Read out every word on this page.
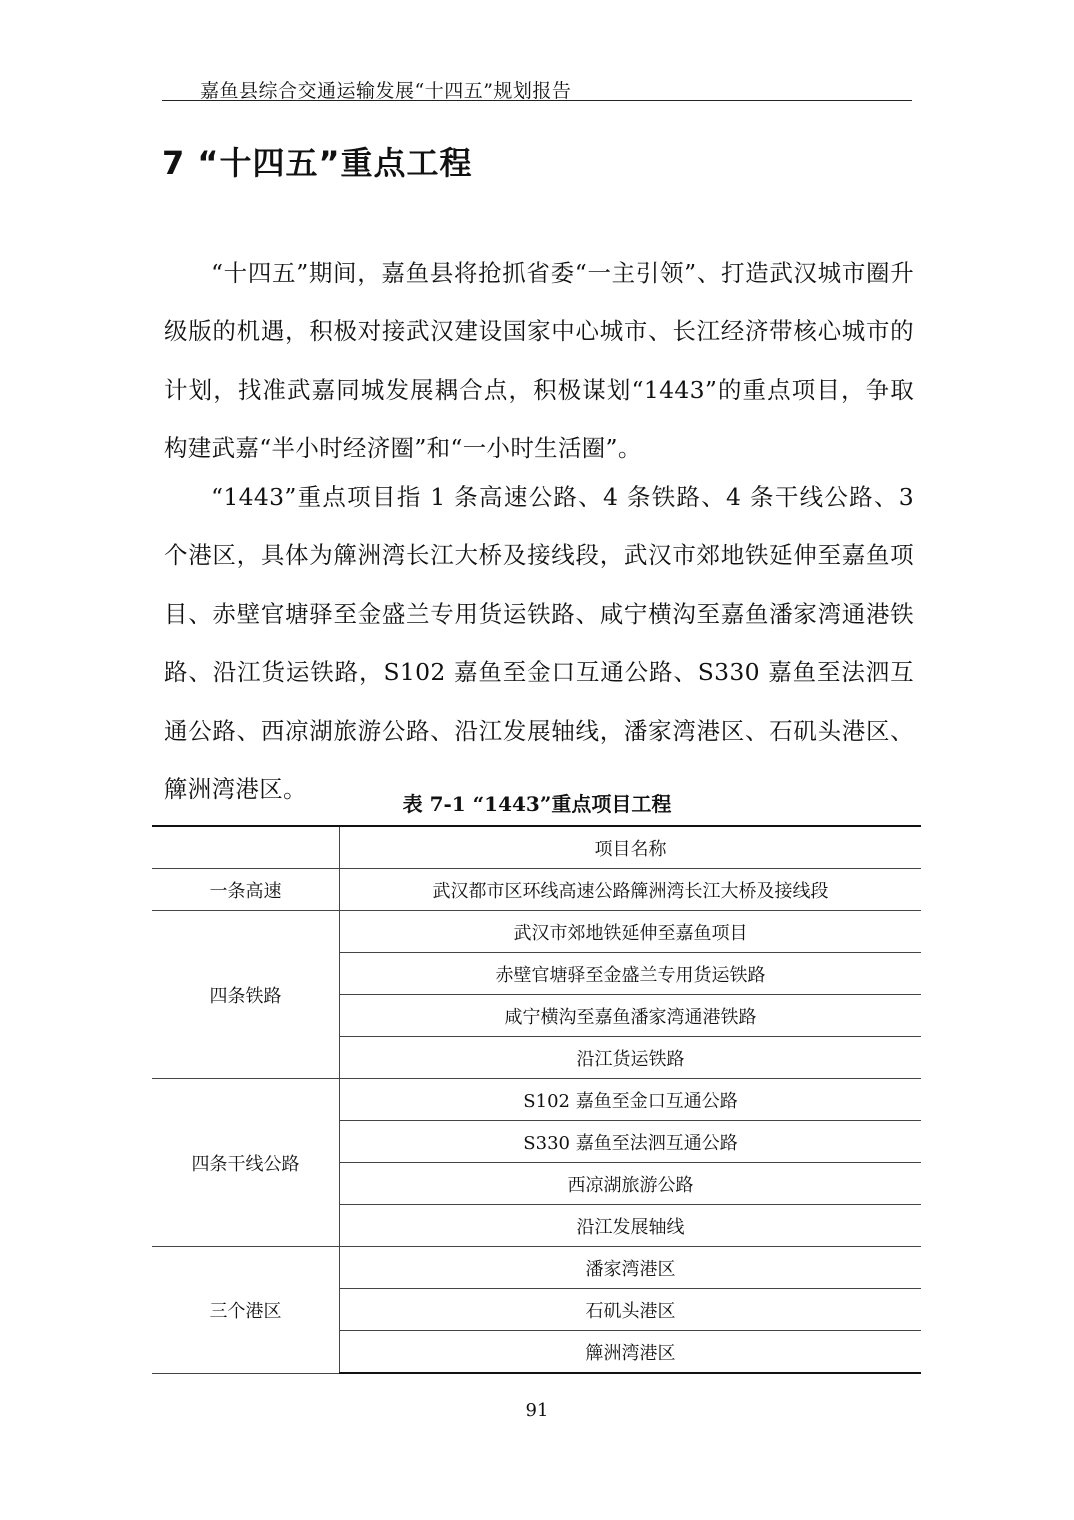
嘉鱼县综合交通运输发展“十四五”规划报告
7 “十四五”重点工程

“十四五”期间，嘉鱼县将抢抓省委“一主引领”、打造武汉城市圈升级版的机遇，积极对接武汉建设国家中心城市、长江经济带核心城市的计划，找准武嘉同城发展耦合点，积极谋划“1443”的重点项目，争取构建武嘉“半小时经济圈”和“一小时生活圈”。

“1443”重点项目指 1 条高速公路、4 条铁路、4 条干线公路、3 个港区，具体为簰洲湾长江大桥及接线段，武汉市郊地铁延伸至嘉鱼项目、赤壁官塘驿至金盛兰专用货运铁路、咸宁横沟至嘉鱼潘家湾通港铁路、沿江货运铁路，S102 嘉鱼至金口互通公路、S330 嘉鱼至法泗互通公路、西凉湖旅游公路、沿江发展轴线，潘家湾港区、石矶头港区、簰洲湾港区。

表 7-1 “1443”重点项目工程
	项目名称
一条高速	武汉都市区环线高速公路簰洲湾长江大桥及接线段
四条铁路	武汉市郊地铁延伸至嘉鱼项目
	赤壁官塘驿至金盛兰专用货运铁路
	咸宁横沟至嘉鱼潘家湾通港铁路
	沿江货运铁路
四条干线公路	S102 嘉鱼至金口互通公路
	S330 嘉鱼至法泗互通公路
	西凉湖旅游公路
	沿江发展轴线
三个港区	潘家湾港区
	石矶头港区
	簰洲湾港区
91
